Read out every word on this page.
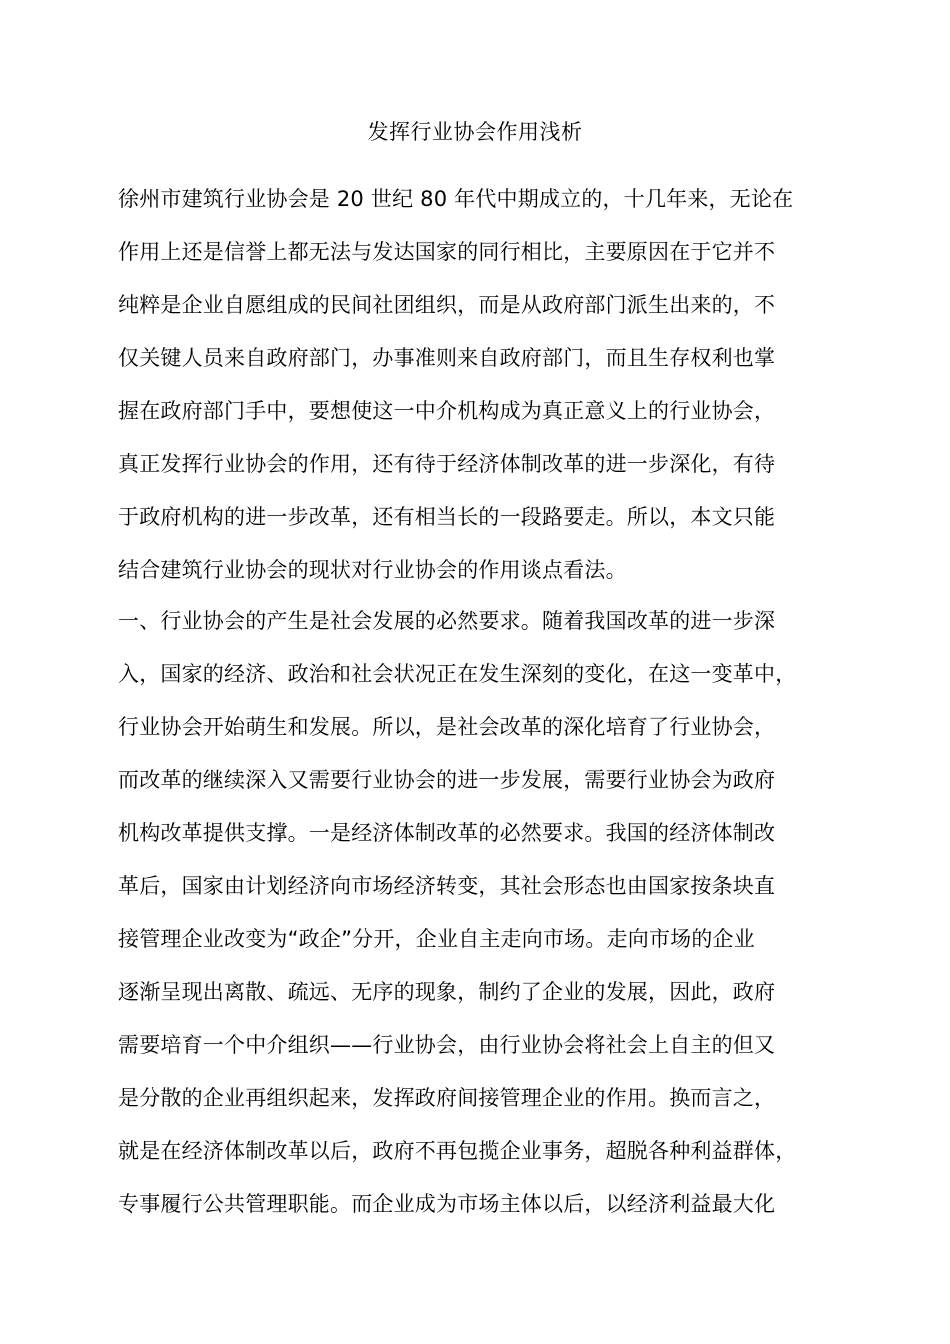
发挥行业协会作用浅析
徐州市建筑行业协会是 20 世纪 80 年代中期成立的，十几年来，无论在
作用上还是信誉上都无法与发达国家的同行相比，主要原因在于它并不
纯粹是企业自愿组成的民间社团组织，而是从政府部门派生出来的，不
仅关键人员来自政府部门，办事准则来自政府部门，而且生存权利也掌
握在政府部门手中，要想使这一中介机构成为真正意义上的行业协会，
真正发挥行业协会的作用，还有待于经济体制改革的进一步深化，有待
于政府机构的进一步改革，还有相当长的一段路要走。所以，本文只能
结合建筑行业协会的现状对行业协会的作用谈点看法。
一、行业协会的产生是社会发展的必然要求。随着我国改革的进一步深
入，国家的经济、政治和社会状况正在发生深刻的变化，在这一变革中，
行业协会开始萌生和发展。所以，是社会改革的深化培育了行业协会，
而改革的继续深入又需要行业协会的进一步发展，需要行业协会为政府
机构改革提供支撑。一是经济体制改革的必然要求。我国的经济体制改
革后，国家由计划经济向市场经济转变，其社会形态也由国家按条块直
接管理企业改变为“政企”分开，企业自主走向市场。走向市场的企业
逐渐呈现出离散、疏远、无序的现象，制约了企业的发展，因此，政府
需要培育一个中介组织——行业协会，由行业协会将社会上自主的但又
是分散的企业再组织起来，发挥政府间接管理企业的作用。换而言之，
就是在经济体制改革以后，政府不再包揽企业事务，超脱各种利益群体，
专事履行公共管理职能。而企业成为市场主体以后，以经济利益最大化
